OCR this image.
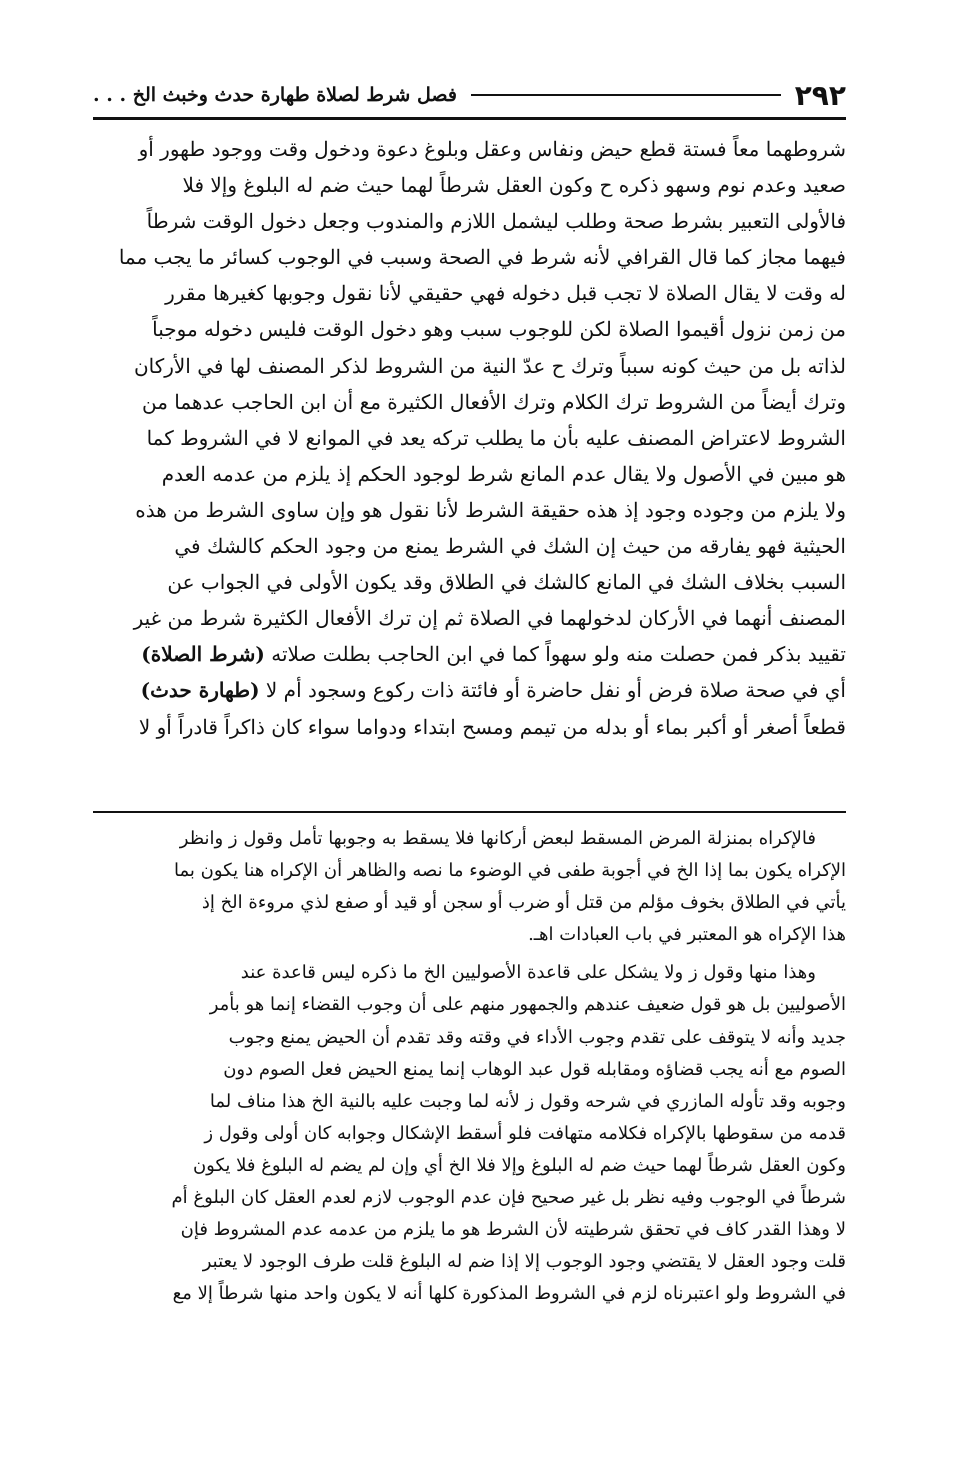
٢٩٢
فصل شرط لصلاة طهارة حدث وخبث الخ . . .
شروطهما معاً فستة قطع حيض ونفاس وعقل وبلوغ دعوة ودخول وقت ووجود طهور أو
صعيد وعدم نوم وسهو ذكره ح وكون العقل شرطاً لهما حيث ضم له البلوغ وإلا فلا
فالأولى التعبير بشرط صحة وطلب ليشمل اللازم والمندوب وجعل دخول الوقت شرطاً
فيهما مجاز كما قال القرافي لأنه شرط في الصحة وسبب في الوجوب كسائر ما يجب مما
له وقت لا يقال الصلاة لا تجب قبل دخوله فهي حقيقي لأنا نقول وجوبها كغيرها مقرر
من زمن نزول أقيموا الصلاة لكن للوجوب سبب وهو دخول الوقت فليس دخوله موجباً
لذاته بل من حيث كونه سبباً وترك ح عدّ النية من الشروط لذكر المصنف لها في الأركان
وترك أيضاً من الشروط ترك الكلام وترك الأفعال الكثيرة مع أن ابن الحاجب عدهما من
الشروط لاعتراض المصنف عليه بأن ما يطلب تركه يعد في الموانع لا في الشروط كما
هو مبين في الأصول ولا يقال عدم المانع شرط لوجود الحكم إذ يلزم من عدمه العدم
ولا يلزم من وجوده وجود إذ هذه حقيقة الشرط لأنا نقول هو وإن ساوى الشرط من هذه
الحيثية فهو يفارقه من حيث إن الشك في الشرط يمنع من وجود الحكم كالشك في
السبب بخلاف الشك في المانع كالشك في الطلاق وقد يكون الأولى في الجواب عن
المصنف أنهما في الأركان لدخولهما في الصلاة ثم إن ترك الأفعال الكثيرة شرط من غير
تقييد بذكر فمن حصلت منه ولو سهواً كما في ابن الحاجب بطلت صلاته (شرط الصلاة)
أي في صحة صلاة فرض أو نفل حاضرة أو فائتة ذات ركوع وسجود أم لا (طهارة حدث)
قطعاً أصغر أو أكبر بماء أو بدله من تيمم ومسح ابتداء ودواما سواء كان ذاكراً قادراً أو لا
فالإكراه بمنزلة المرض المسقط لبعض أركانها فلا يسقط به وجوبها تأمل وقول ز وانظر
الإكراه يكون بما إذا الخ في أجوبة طفى في الوضوء ما نصه والظاهر أن الإكراه هنا يكون بما
يأتي في الطلاق بخوف مؤلم من قتل أو ضرب أو سجن أو قيد أو صفع لذي مروءة الخ إذ
هذا الإكراه هو المعتبر في باب العبادات اهـ.
وهذا منها وقول ز ولا يشكل على قاعدة الأصوليين الخ ما ذكره ليس قاعدة عند
الأصوليين بل هو قول ضعيف عندهم والجمهور منهم على أن وجوب القضاء إنما هو بأمر
جديد وأنه لا يتوقف على تقدم وجوب الأداء في وقته وقد تقدم أن الحيض يمنع وجوب
الصوم مع أنه يجب قضاؤه ومقابله قول عبد الوهاب إنما يمنع الحيض فعل الصوم دون
وجوبه وقد تأوله المازري في شرحه وقول ز لأنه لما وجبت عليه بالنية الخ هذا مناف لما
قدمه من سقوطها بالإكراه فكلامه متهافت فلو أسقط الإشكال وجوابه كان أولى وقول ز
وكون العقل شرطاً لهما حيث ضم له البلوغ وإلا فلا الخ أي وإن لم يضم له البلوغ فلا يكون
شرطاً في الوجوب وفيه نظر بل غير صحيح فإن عدم الوجوب لازم لعدم العقل كان البلوغ أم
لا وهذا القدر كاف في تحقق شرطيته لأن الشرط هو ما يلزم من عدمه عدم المشروط فإن
قلت وجود العقل لا يقتضي وجود الوجوب إلا إذا ضم له البلوغ قلت طرف الوجود لا يعتبر
في الشروط ولو اعتبرناه لزم في الشروط المذكورة كلها أنه لا يكون واحد منها شرطاً إلا مع
